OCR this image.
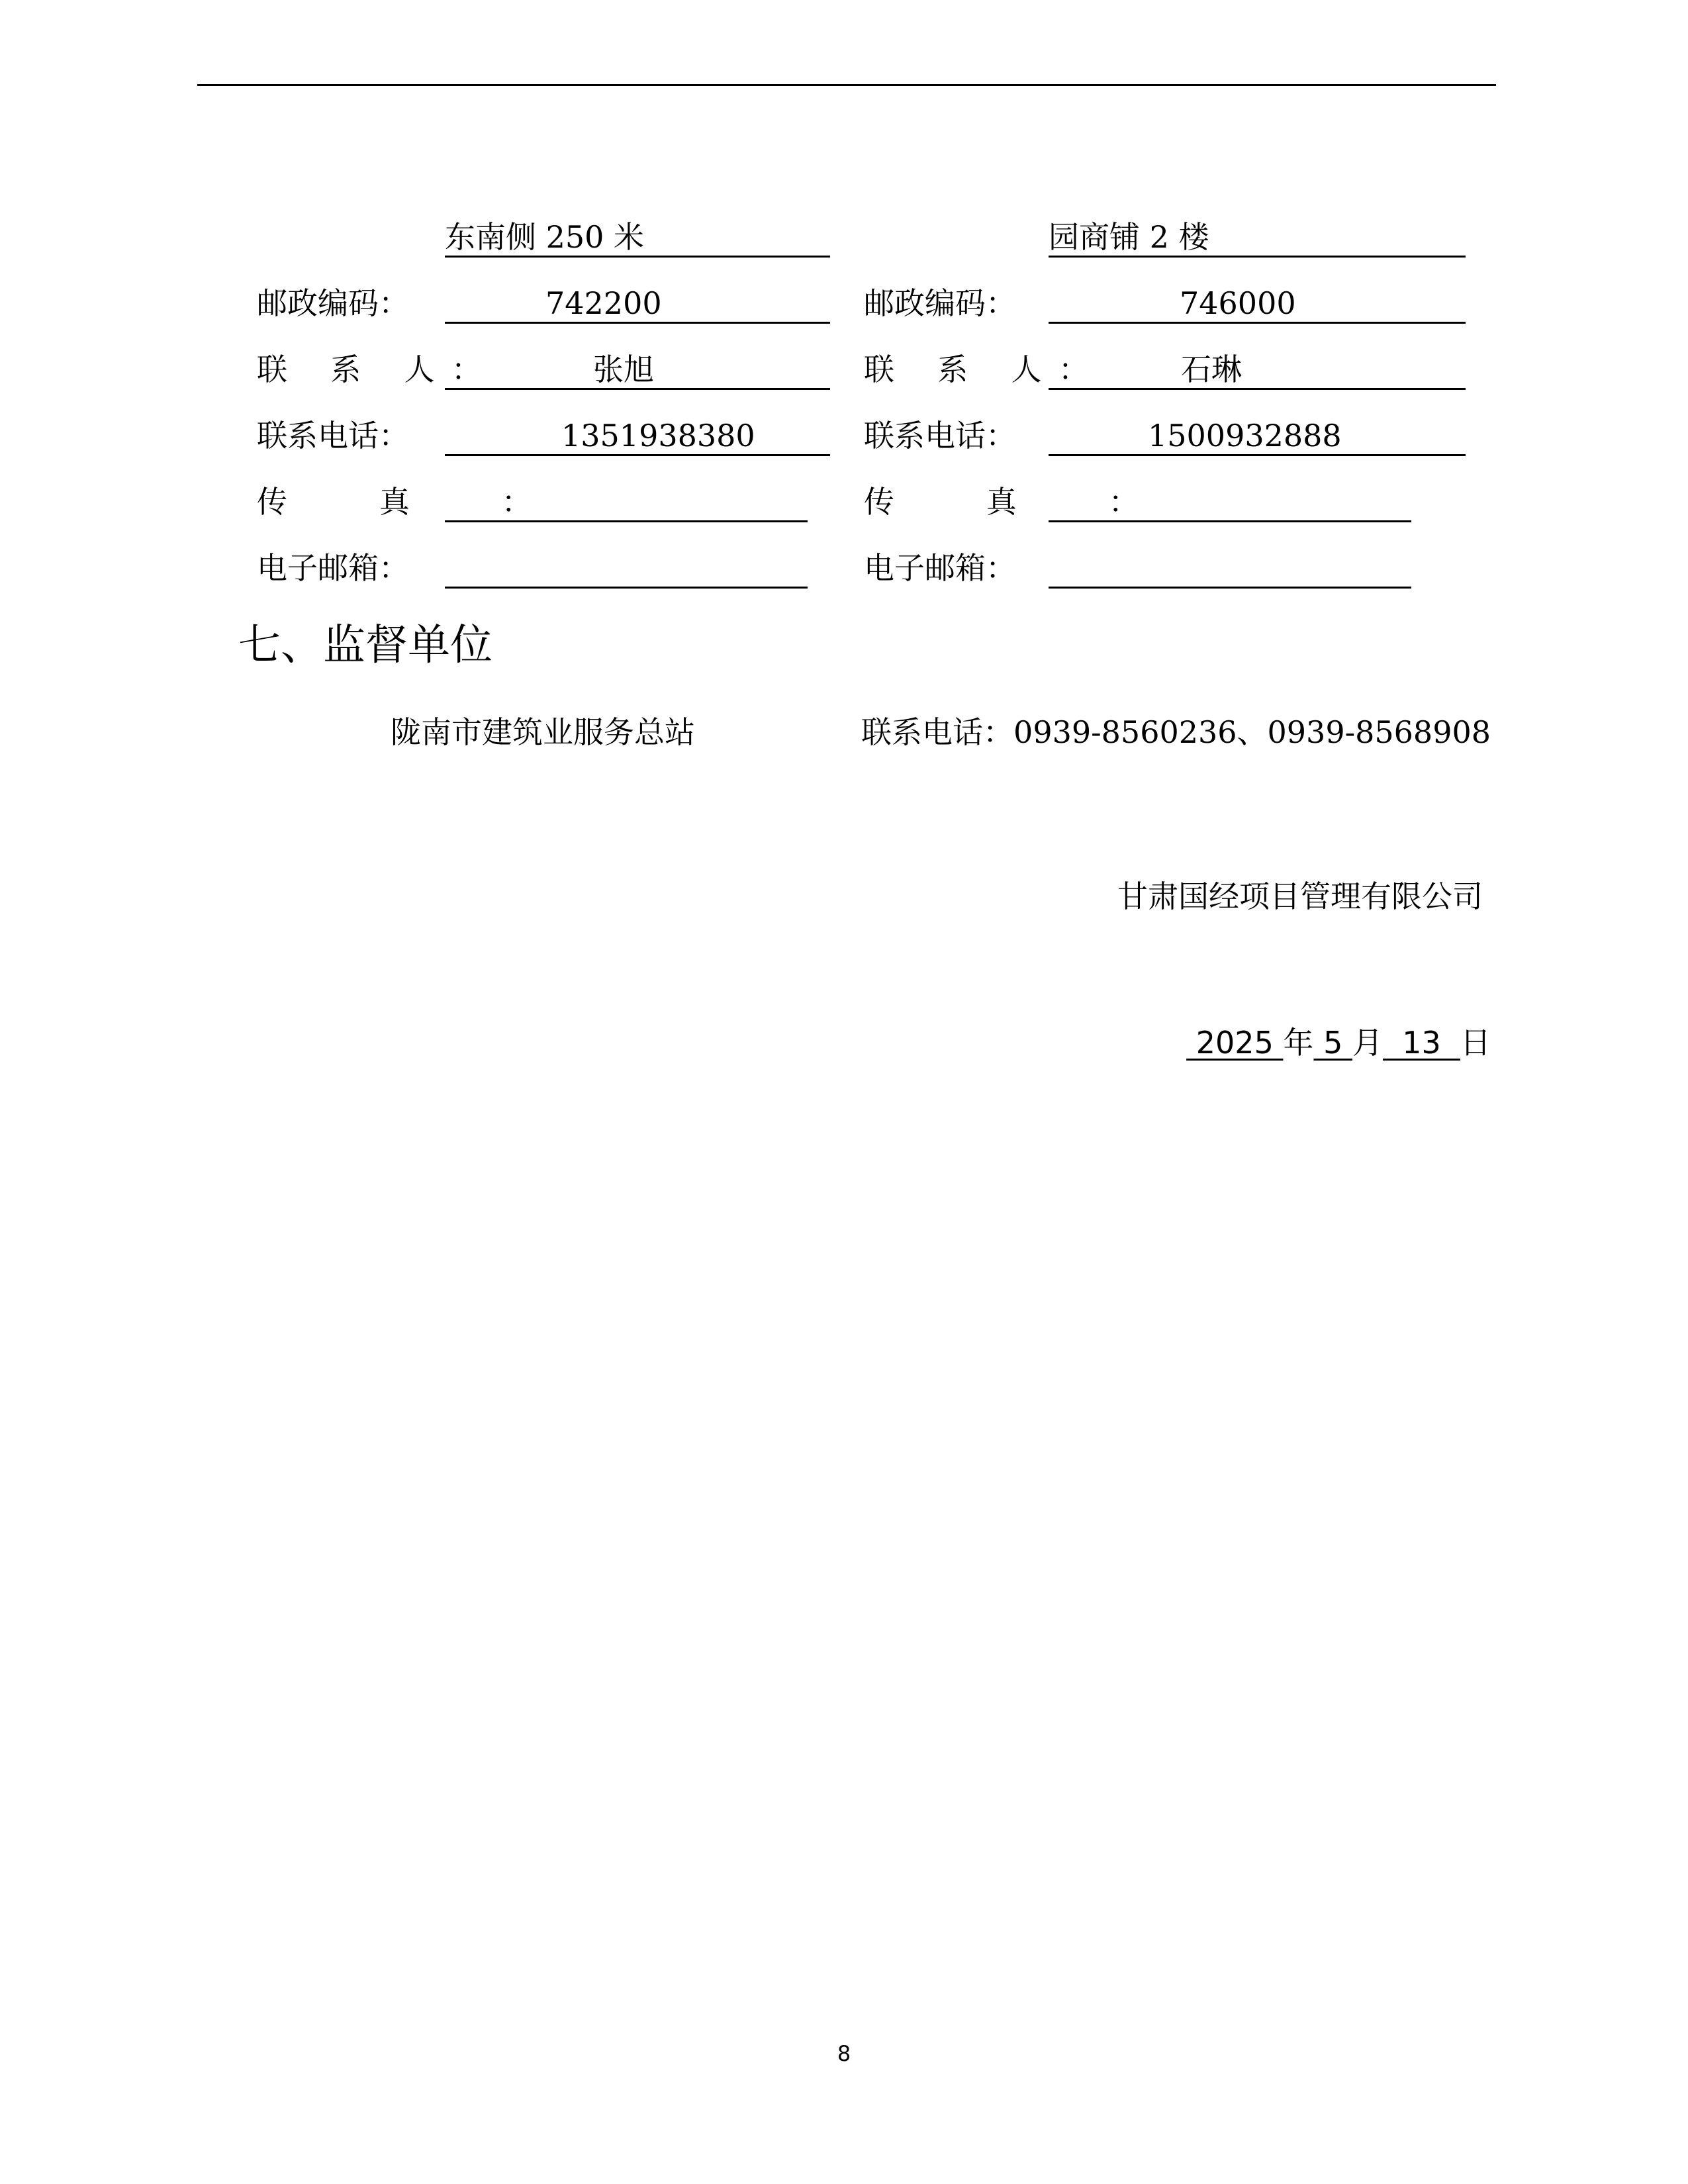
东南侧 250 米
邮政编码：	742200
联 系 人：	张旭
联系电话：	1351938380
传 真 ：
电子邮箱：
园商铺 2 楼
邮政编码：	746000
联 系 人： 石琳
联系电话：	1500932888
传 真 ：
电子邮箱：
七、监督单位
陇南市建筑业服务总站	联系电话：0939-8560236、0939-8568908
甘肃国经项目管理有限公司
2025 年 5 月  13  日
8
